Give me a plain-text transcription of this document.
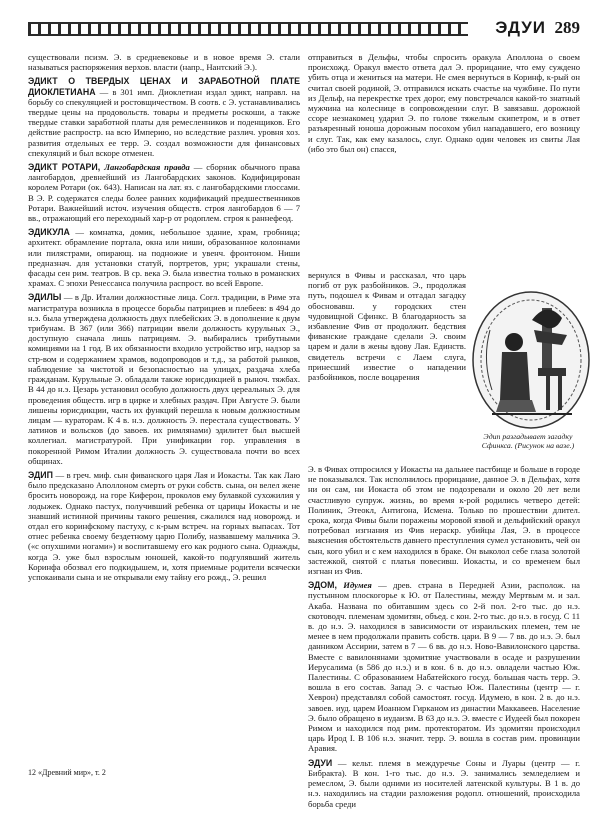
ЭДУИ 289

существовали псизм. Э. в средневековье и в новое время Э. стали называться распоряжения верхов. власти (напр., Нантский Э.).

ЭДИКТ О ТВЕРДЫХ ЦЕНАХ И ЗАРАБОТНОЙ ПЛАТЕ ДИОКЛЕТИАНА — в 301 имп. Диоклетиан издал эдикт, направл. на борьбу со спекуляцией и ростовщичеством. В соотв. с Э. устанавливались твердые цены на продовольств. товары и предметы роскоши, а также твердые ставки заработной платы для ремесленников и поденщиков. Его действие распростр. на всю Империю, но вследствие различ. уровня хоз. развития отдельных ее терр. Э. создал возможности для финансовых спекуляций и был вскоре отменен.

ЭДИКТ РОТАРИ, Лангобардская правда — сборник обычного права лангобардов, древнейший из Лангобардских законов. Кодифицирован королем Ротари (ок. 643). Написан на лат. яз. с лангобардскими глоссами. В Э. Р. содержатся следы более ранних кодификаций предшественников Ротари. Важнейший источ. изучения обществ. строя лангобардов 6 — 7 вв., отражающий его переходный хар-р от родоплем. строя к раннефеод.

ЭДИКУЛА — комнатка, домик, небольшое здание, храм, гробница; архитект. обрамление портала, окна или ниши, образованное колоннами или пилястрами, опирающ. на подножие и увенч. фронтоном. Ниши предназнач. для установки статуй, портретов, урн; украшали стены, фасады сен рим. театров. В ср. века Э. была известна только в романских храмах. С эпохи Ренессанса получила распрост. во всей Европе.

ЭДИЛЫ — в Др. Италии должностные лица. Согл. традиции, в Риме эта магистратура возникла в процессе борьбы патрициев и плебеев: в 494 до н.э. была утверждена должность двух плебейских Э. в дополнение к двум трибунам. В 367 (или 366) патриции ввели должность курульных Э., доступную сначала лишь патрициям. Э. выбирались трибутными комициями на 1 год. В их обязанности входило устройство игр, надзор за стр-вом и содержанием храмов, водопроводов и т.д., за работой рынков, наблюдение за чистотой и безопасностью на улицах, раздача хлеба гражданам. Курульные Э. обладали также юрисдикцией в рыноч. тяжбах. В 44 до н.э. Цезарь установил особую должность двух цереальных Э. для проведения обществ. игр в цирке и хлебных раздач. При Августе Э. были лишены юрисдикции, часть их функций перешла к новым должностным лицам — кураторам. К 4 в. н.э. должность Э. перестала существовать. У латинов и вольсков (до завоев. их римлянами) эдилитет был высшей коллегиал. магистратурой. При унификации гор. управления в покоренной Римом Италии должность Э. существовала почти во всех общинах.

ЭДИП — в греч. миф. сын фиванского царя Лая и Иокасты. Так как Лаю было предсказано Аполлоном смерть от руки собств. сына, он велел жене бросить новорожд. на горе Киферон, проколов ему булавкой сухожилия у лодыжек. Однако пастух, получивший ребенка от царицы Иокасты и не знавший истинной причины такого решения, сжалился над новорожд. и отдал его коринфскому пастуху, с к-рым встреч. на горных выпасах. Тот отнес ребенка своему бездетному царю Полибу, назвавшему мальчика Э. («с опухшими ногами») и воспитавшему его как родного сына. Однажды, когда Э. уже был взрослым юношей, какой-то подгулявший житель Коринфа обозвал его подкидышем, и, хотя приемные родители всячески успокаивали сына и не открывали ему тайну его рожд., Э. решил

отправиться в Дельфы, чтобы спросить оракула Аполлона о своем происхожд. Оракул вместо ответа дал Э. прорицание, что ему суждено убить отца и жениться на матери. Не смея вернуться в Коринф, к-рый он считал своей родиной, Э. отправился искать счастье на чужбине. По пути из Дельф, на перекрестке трех дорог, ему повстречался какой-то знатный мужчина на колеснице в сопровождении слуг. В завязавш. дорожной ссоре незнакомец ударил Э. по голове тяжелым скипетром, и в ответ разъяренный юноша дорожным посохом убил нападавшего, его возницу и слуг. Так, как ему казалось, слуг. Однако один человек из свиты Лая (ибо это был он) спасся,

вернулся в Фивы и рассказал, что царь погиб от рук разбойников. Э., продолжая путь, подошел к Фивам и отгадал загадку обосновавш. у городских стен чудовищной Сфинкс. В благодарность за избавление Фив от продолжит. бедствия фиванские граждане сделали Э. своим царем и дали в жены вдову Лая. Единств. свидетель встречи с Лаем слуга, принесший известие о нападении разбойников, после воцарения

Эдип разгадывает загадку Сфинкса. (Рисунок на вазе.)

Э. в Фивах отпросился у Иокасты на дальнее пастбище и больше в городе не показывался. Так исполнилось прорицание, данное Э. в Дельфах, хотя ни он сам, ни Иокаста об этом не подозревали и около 20 лет вели счастливую супруж. жизнь, во время к-рой родились четверо детей: Полиник, Этеокл, Антигона, Исмена. Только по прошествии длител. срока, когда Фивы были поражены моровой язвой и дельфийский оракул потребовал изгнания из Фив нераскр. убийцы Лая, Э. в процессе выяснения обстоятельств давнего преступления сумел установить, чей он сын, кого убил и с кем находился в браке. Он выколол себе глаза золотой застежкой, снятой с платья повесивш. Иокасты, и со временем был изгнан из Фив.

ЭДОМ, Идумея — древ. страна в Передней Азии, располож. на пустынном плоскогорье к Ю. от Палестины, между Мертвым м. и зал. Акаба. Названа по обитавшим здесь со 2-й пол. 2-го тыс. до н.э. скотоводч. племенам эдомитян, объед. с кон. 2-го тыс. до н.э. в госуд. С 11 в. до н.э. Э. находился в зависимости от израильских племен, тем не менее в нем продолжали править собств. цари. В 9 — 7 вв. до н.э. Э. был данником Ассирии, затем в 7 — 6 вв. до н.э. Ново-Вавилонского царства. Вместе с вавилонянами эдомитяне участвовали в осаде и разрушении Иерусалима (в 586 до н.э.) и в кон. 6 в. до н.э. овладели частью Юж. Палестины. С образованием Набатейского госуд. большая часть терр. Э. вошла в его состав. Запад Э. с частью Юж. Палестины (центр — г. Хеврон) представлял собой самостоят. госуд. Идумею, в кон. 2 в. до н.э. завоев. иуд. царем Иоанном Гирканом из династии Маккавеев. Население Э. было обращено в иудаизм. В 63 до н.э. Э. вместе с Иудеей был покорен Римом и находился под рим. протекторатом. Из эдомитян происходил царь Ирод I. В 106 н.э. значит. терр. Э. вошла в состав рим. провинции Аравия.

ЭДУИ — кельт. племя в междуречье Соны и Луары (центр — г. Бибракта). В кон. 1-го тыс. до н.э. Э. занимались земледелием и ремеслом, Э. были одними из носителей латенской культуры. В 1 в. до н.э. находились на стадии разложения родопл. отношений, происходила борьба среди

12 «Древний мир», т. 2
